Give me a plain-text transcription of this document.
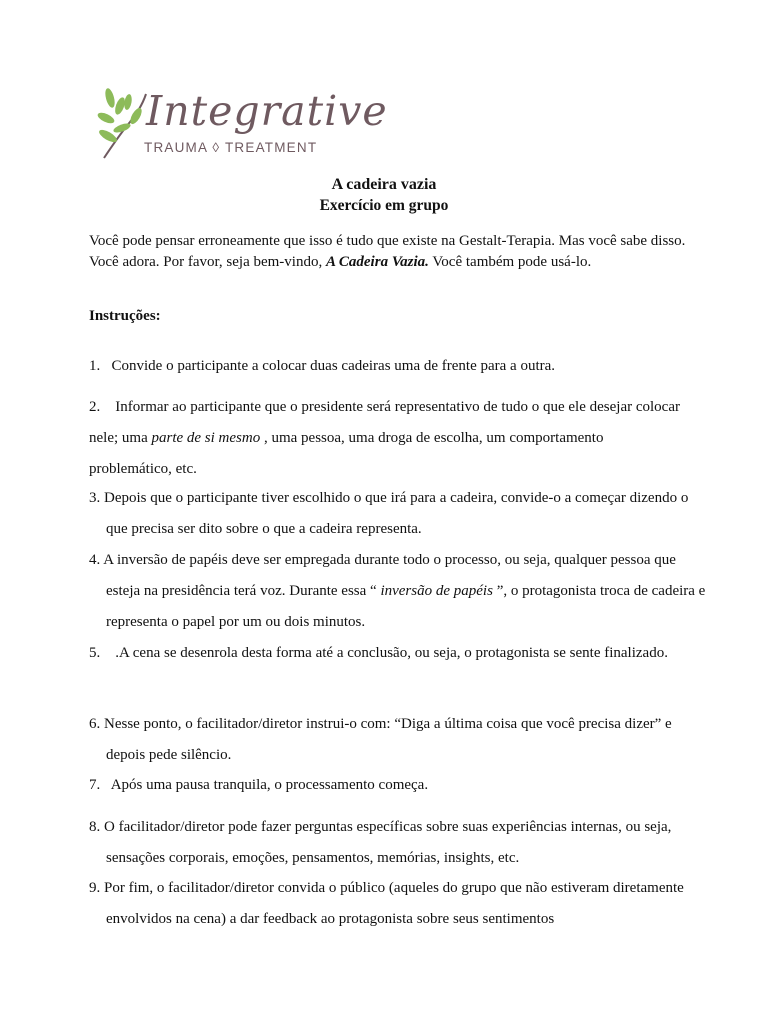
Integrative
TRAUMA ◊ TREATMENT
A cadeira vazia
Exercício em grupo

Você pode pensar erroneamente que isso é tudo que existe na Gestalt-Terapia. Mas você sabe disso. Você adora. Por favor, seja bem-vindo, A Cadeira Vazia. Você também pode usá-lo.

Instruções:

1. Convide o participante a colocar duas cadeiras uma de frente para a outra.

2. Informar ao participante que o presidente será representativo de tudo o que ele desejar colocar nele; uma parte de si mesmo , uma pessoa, uma droga de escolha, um comportamento problemático, etc.

3. Depois que o participante tiver escolhido o que irá para a cadeira, convide-o a começar dizendo o que precisa ser dito sobre o que a cadeira representa.

4. A inversão de papéis deve ser empregada durante todo o processo, ou seja, qualquer pessoa que esteja na presidência terá voz. Durante essa “ inversão de papéis ”, o protagonista troca de cadeira e representa o papel por um ou dois minutos.

5. .A cena se desenrola desta forma até a conclusão, ou seja, o protagonista se sente finalizado.

6. Nesse ponto, o facilitador/diretor instrui-o com: “Diga a última coisa que você precisa dizer” e depois pede silêncio.

7. Após uma pausa tranquila, o processamento começa.

8. O facilitador/diretor pode fazer perguntas específicas sobre suas experiências internas, ou seja, sensações corporais, emoções, pensamentos, memórias, insights, etc.

9. Por fim, o facilitador/diretor convida o público (aqueles do grupo que não estiveram diretamente envolvidos na cena) a dar feedback ao protagonista sobre seus sentimentos
